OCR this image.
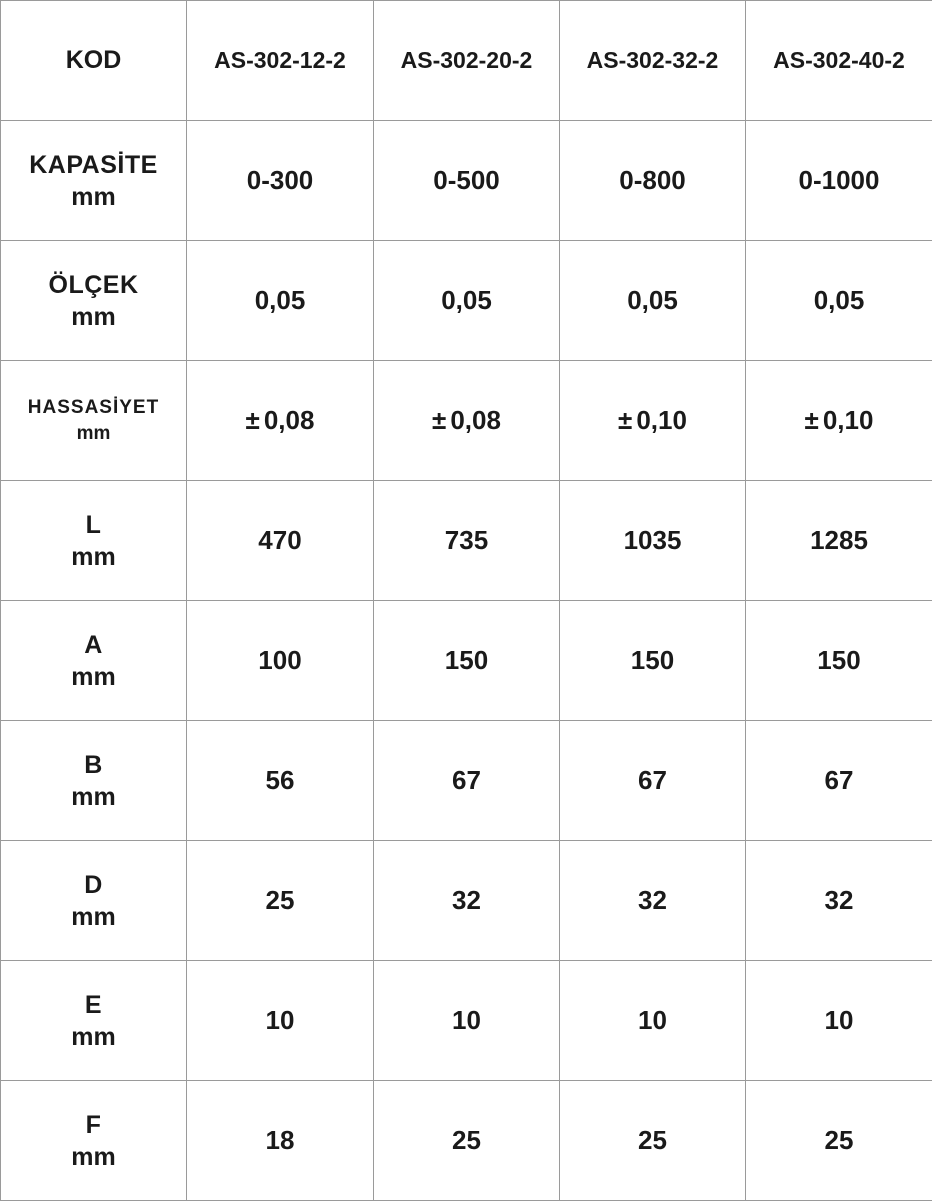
KOD	AS-302-12-2	AS-302-20-2	AS-302-32-2	AS-302-40-2

KAPASİTE
mm	0-300	0-500	0-800	0-1000

ÖLÇEK
mm	0,05	0,05	0,05	0,05

HASSASİYET
mm	± 0,08	± 0,08	± 0,10	± 0,10

L
mm	470	735	1035	1285

A
mm	100	150	150	150

B
mm	56	67	67	67

D
mm	25	32	32	32

E
mm	10	10	10	10

F
mm	18	25	25	25
